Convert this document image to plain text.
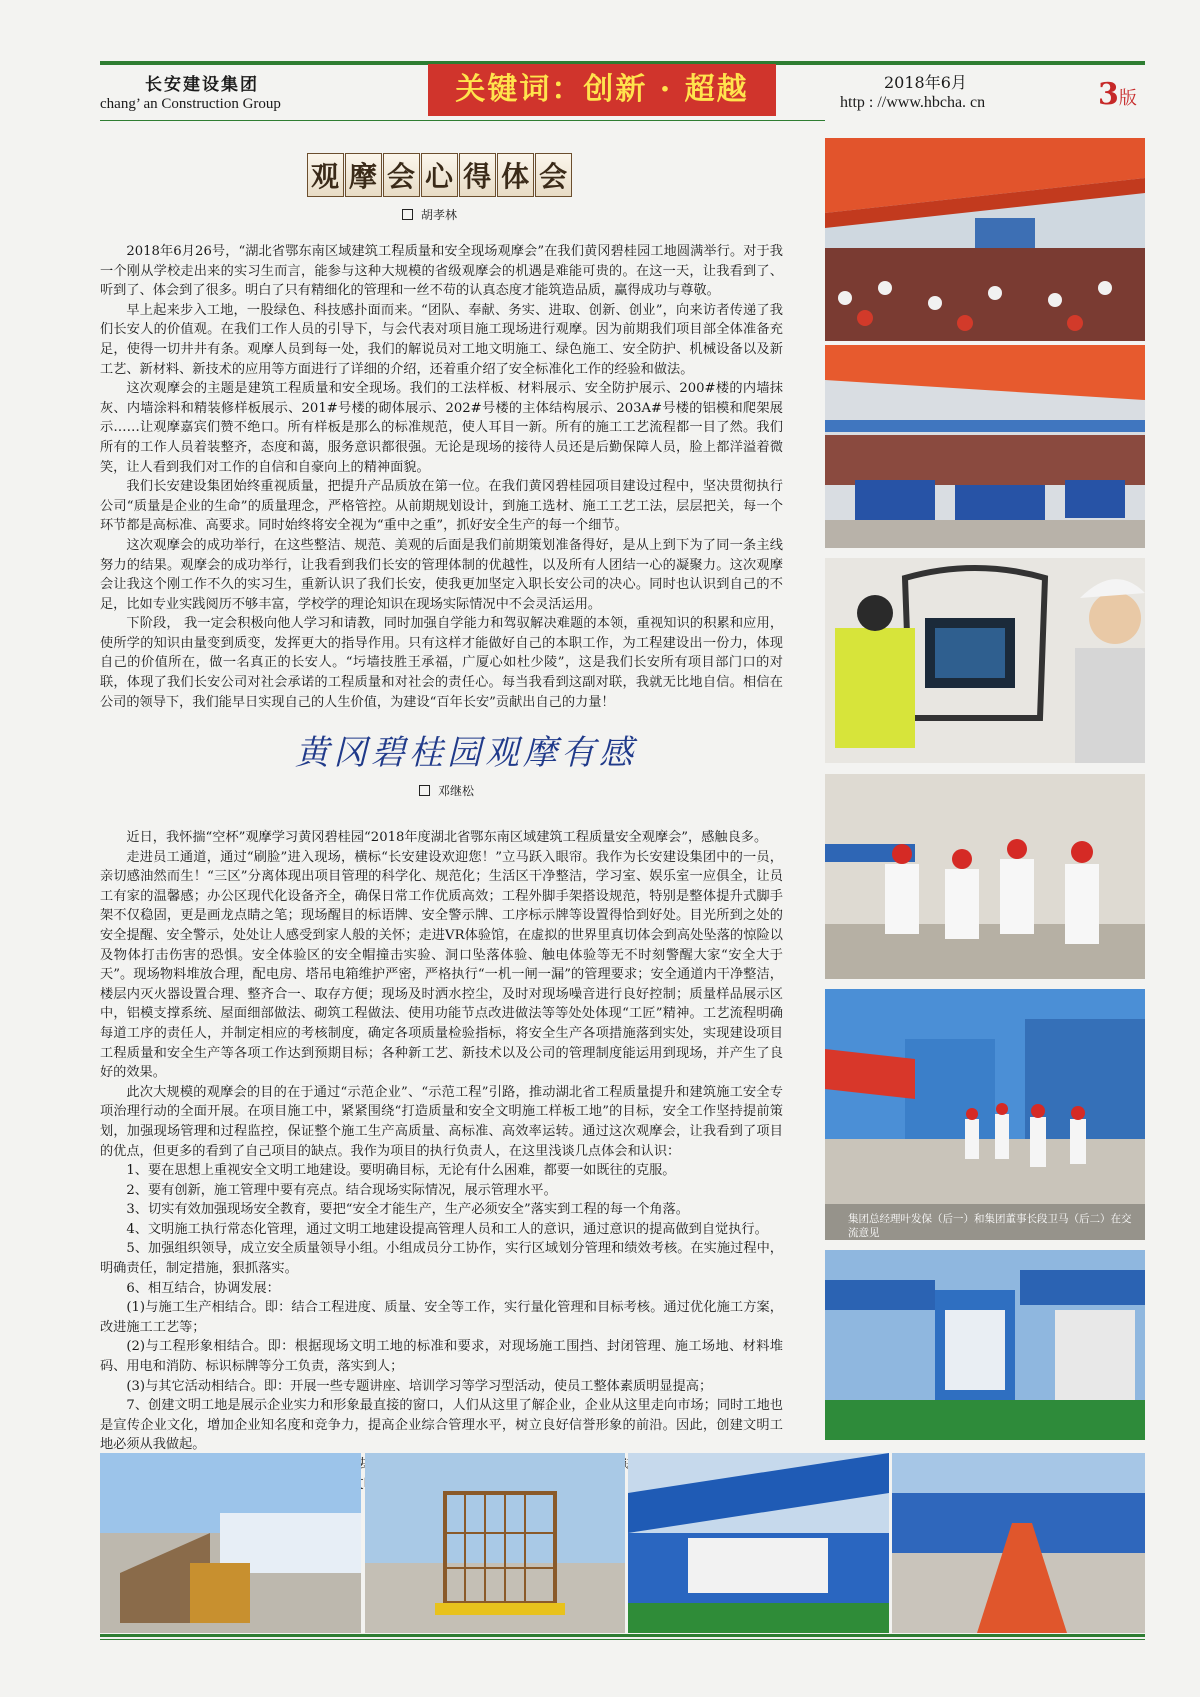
长安建设集团
chang’ an Construction Group	关键词：创新 · 超越	2018年6月
http : //www.hbcha. cn	3版
观 摩 会 心 得 体 会
胡孝林

2018年6月26号，“湖北省鄂东南区域建筑工程质量和安全现场观摩会”在我们黄冈碧桂园工地圆满举行。对于我一个刚从学校走出来的实习生而言，能参与这种大规模的省级观摩会的机遇是难能可贵的。在这一天，让我看到了、听到了、体会到了很多。明白了只有精细化的管理和一丝不苟的认真态度才能筑造品质，赢得成功与尊敬。

早上起来步入工地，一股绿色、科技感扑面而来。“团队、奉献、务实、进取、创新、创业”，向来访者传递了我们长安人的价值观。在我们工作人员的引导下，与会代表对项目施工现场进行观摩。因为前期我们项目部全体准备充足，使得一切井井有条。观摩人员到每一处，我们的解说员对工地文明施工、绿色施工、安全防护、机械设备以及新工艺、新材料、新技术的应用等方面进行了详细的介绍，还着重介绍了安全标准化工作的经验和做法。

这次观摩会的主题是建筑工程质量和安全现场。我们的工法样板、材料展示、安全防护展示、200#楼的内墙抹灰、内墙涂料和精装修样板展示、201#号楼的砌体展示、202#号楼的主体结构展示、203A#号楼的铝模和爬架展示……让观摩嘉宾们赞不绝口。所有样板是那么的标准规范，使人耳目一新。所有的施工工艺流程都一目了然。我们所有的工作人员着装整齐，态度和蔼，服务意识都很强。无论是现场的接待人员还是后勤保障人员，脸上都洋溢着微笑，让人看到我们对工作的自信和自豪向上的精神面貌。

我们长安建设集团始终重视质量，把提升产品质放在第一位。在我们黄冈碧桂园项目建设过程中，坚决贯彻执行公司“质量是企业的生命”的质量理念，严格管控。从前期规划设计，到施工选材、施工工艺工法，层层把关，每一个环节都是高标准、高要求。同时始终将安全视为“重中之重”，抓好安全生产的每一个细节。

这次观摩会的成功举行，在这些整洁、规范、美观的后面是我们前期策划准备得好，是从上到下为了同一条主线努力的结果。观摩会的成功举行，让我看到我们长安的管理体制的优越性，以及所有人团结一心的凝聚力。这次观摩会让我这个刚工作不久的实习生，重新认识了我们长安，使我更加坚定入职长安公司的决心。同时也认识到自己的不足，比如专业实践阅历不够丰富，学校学的理论知识在现场实际情况中不会灵活运用。

下阶段， 我一定会积极向他人学习和请教，同时加强自学能力和驾驭解决难题的本领，重视知识的积累和应用，使所学的知识由量变到质变，发挥更大的指导作用。只有这样才能做好自己的本职工作，为工程建设出一份力，体现自己的价值所在，做一名真正的长安人。“圬墙技胜王承福，广厦心如杜少陵”，这是我们长安所有项目部门口的对联，体现了我们长安公司对社会承诺的工程质量和对社会的责任心。每当我看到这副对联，我就无比地自信。相信在公司的领导下，我们能早日实现自己的人生价值，为建设“百年长安”贡献出自己的力量！

黄冈碧桂园观摩有感
邓继松

近日，我怀揣“空杯”观摩学习黄冈碧桂园“2018年度湖北省鄂东南区域建筑工程质量安全观摩会”，感触良多。

走进员工通道，通过“刷脸”进入现场，横标“长安建设欢迎您！”立马跃入眼帘。我作为长安建设集团中的一员，亲切感油然而生！“三区”分离体现出项目管理的科学化、规范化；生活区干净整洁，学习室、娱乐室一应俱全，让员工有家的温馨感；办公区现代化设备齐全，确保日常工作优质高效；工程外脚手架搭设规范，特别是整体提升式脚手架不仅稳固，更是画龙点睛之笔；现场醒目的标语牌、安全警示牌、工序标示牌等设置得恰到好处。目光所到之处的安全提醒、安全警示，处处让人感受到家人般的关怀；走进VR体验馆，在虚拟的世界里真切体会到高处坠落的惊险以及物体打击伤害的恐惧。安全体验区的安全帽撞击实验、洞口坠落体验、触电体验等无不时刻警醒大家“安全大于天”。现场物料堆放合理，配电房、塔吊电箱维护严密，严格执行“一机一闸一漏”的管理要求；安全通道内干净整洁，楼层内灭火器设置合理、整齐合一、取存方便；现场及时洒水控尘，及时对现场噪音进行良好控制；质量样品展示区中，铝模支撑系统、屋面细部做法、砌筑工程做法、使用功能节点改进做法等等处处体现“工匠”精神。工艺流程明确每道工序的责任人，并制定相应的考核制度，确定各项质量检验指标，将安全生产各项措施落到实处，实现建设项目工程质量和安全生产等各项工作达到预期目标；各种新工艺、新技术以及公司的管理制度能运用到现场，并产生了良好的效果。

此次大规模的观摩会的目的在于通过“示范企业”、“示范工程”引路，推动湖北省工程质量提升和建筑施工安全专项治理行动的全面开展。在项目施工中，紧紧围绕“打造质量和安全文明施工样板工地”的目标，安全工作坚持提前策划，加强现场管理和过程监控，保证整个施工生产高质量、高标准、高效率运转。通过这次观摩会，让我看到了项目的优点，但更多的看到了自己项目的缺点。我作为项目的执行负责人，在这里浅谈几点体会和认识：

1、要在思想上重视安全文明工地建设。要明确目标，无论有什么困难，都要一如既往的克服。

2、要有创新，施工管理中要有亮点。结合现场实际情况，展示管理水平。

3、切实有效加强现场安全教育，要把“安全才能生产，生产必须安全”落实到工程的每一个角落。

4、文明施工执行常态化管理，通过文明工地建设提高管理人员和工人的意识，通过意识的提高做到自觉执行。

5、加强组织领导，成立安全质量领导小组。小组成员分工协作，实行区域划分管理和绩效考核。在实施过程中，明确责任，制定措施，狠抓落实。

6、相互结合，协调发展：

(1)与施工生产相结合。即：结合工程进度、质量、安全等工作，实行量化管理和目标考核。通过优化施工方案，改进施工工艺等；

(2)与工程形象相结合。即：根据现场文明工地的标准和要求，对现场施工围挡、封闭管理、施工场地、材料堆码、用电和消防、标识标牌等分工负责，落实到人；

(3)与其它活动相结合。即：开展一些专题讲座、培训学习等学习型活动，使员工整体素质明显提高；

7、创建文明工地是展示企业实力和形象最直接的窗口，人们从这里了解企业，企业从这里走向市场；同时工地也是宣传企业文化，增加企业知名度和竞争力，提高企业综合管理水平，树立良好信誉形象的前沿。因此，创建文明工地必须从我做起。

集团总经理叶发保（后一）和集团董事长段卫马（后二）在交流意见
